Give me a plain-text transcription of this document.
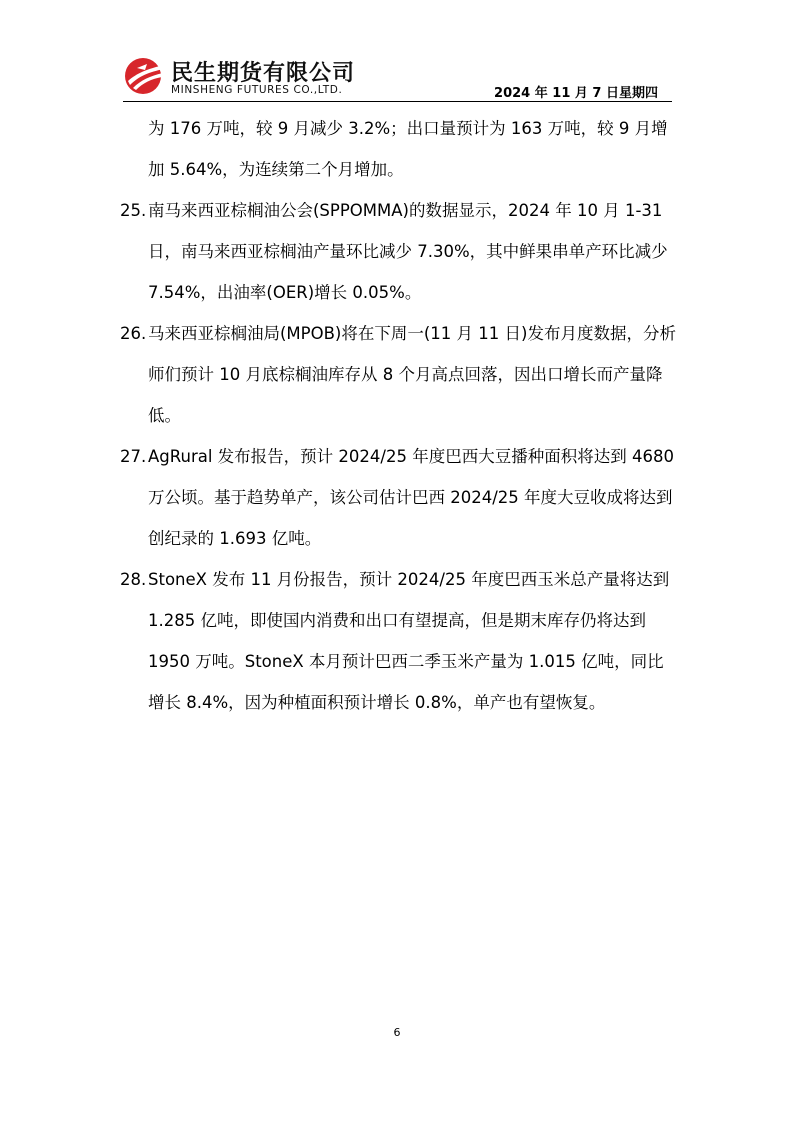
民生期货有限公司
MINSHENG FUTURES CO.,LTD.	2024 年 11 月 7 日星期四

为 176 万吨，较 9 月减少 3.2%；出口量预计为 163 万吨，较 9 月增加 5.64%，为连续第二个月增加。

25. 南马来西亚棕榈油公会(SPPOMMA)的数据显示，2024 年 10 月 1-31 日，南马来西亚棕榈油产量环比减少 7.30%，其中鲜果串单产环比减少 7.54%，出油率(OER)增长 0.05%。

26. 马来西亚棕榈油局(MPOB)将在下周一(11 月 11 日)发布月度数据，分析师们预计 10 月底棕榈油库存从 8 个月高点回落，因出口增长而产量降低。

27. AgRural 发布报告，预计 2024/25 年度巴西大豆播种面积将达到 4680 万公顷。基于趋势单产，该公司估计巴西 2024/25 年度大豆收成将达到创纪录的 1.693 亿吨。

28. StoneX 发布 11 月份报告，预计 2024/25 年度巴西玉米总产量将达到 1.285 亿吨，即使国内消费和出口有望提高，但是期末库存仍将达到 1950 万吨。StoneX 本月预计巴西二季玉米产量为 1.015 亿吨，同比增长 8.4%，因为种植面积预计增长 0.8%，单产也有望恢复。

6
